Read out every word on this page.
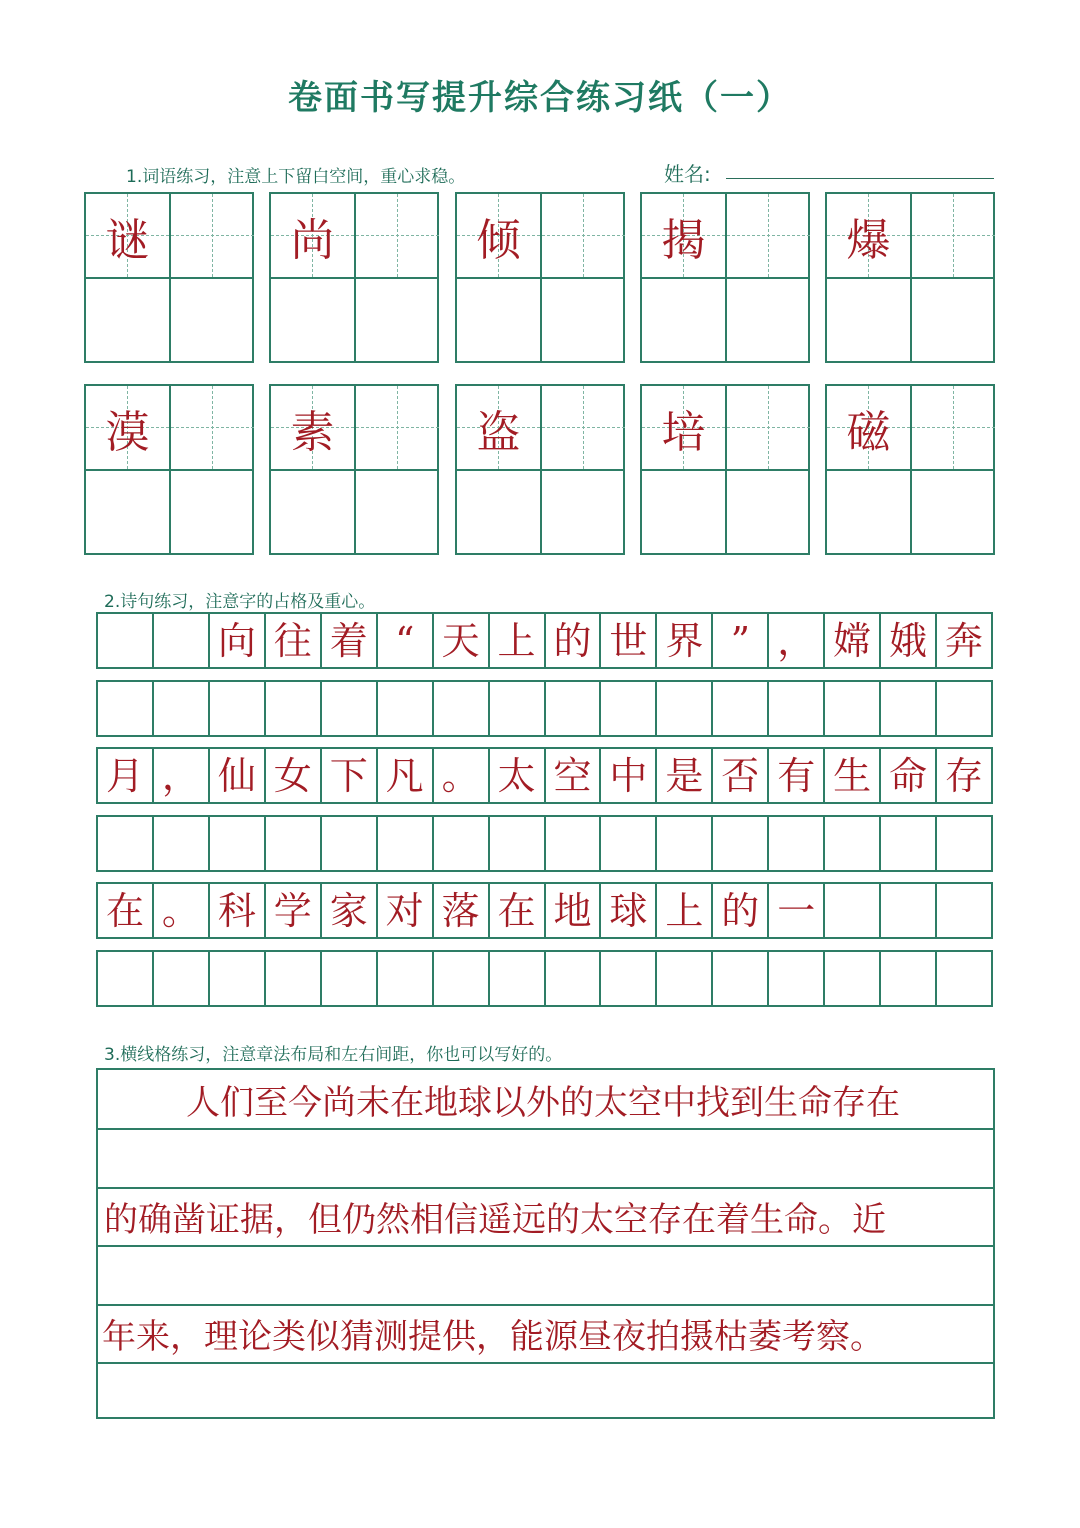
卷面书写提升综合练习纸（一）
1.词语练习，注意上下留白空间，重心求稳。	姓名:
谜	尚	倾	揭	爆
漠	素	盗	培	磁
2.诗句练习，注意字的占格及重心。
向 往 着 “ 天 上 的 世 界 ” ， 嫦 娥 奔
月 ， 仙 女 下 凡 。 太 空 中 是 否 有 生 命 存
在 。 科 学 家 对 落 在 地 球 上 的 一
3.横线格练习，注意章法布局和左右间距，你也可以写好的。
人们至今尚未在地球以外的太空中找到生命存在
的确凿证据，但仍然相信遥远的太空存在着生命。近
年来，理论类似猜测提供，能源昼夜拍摄枯萎考察。
